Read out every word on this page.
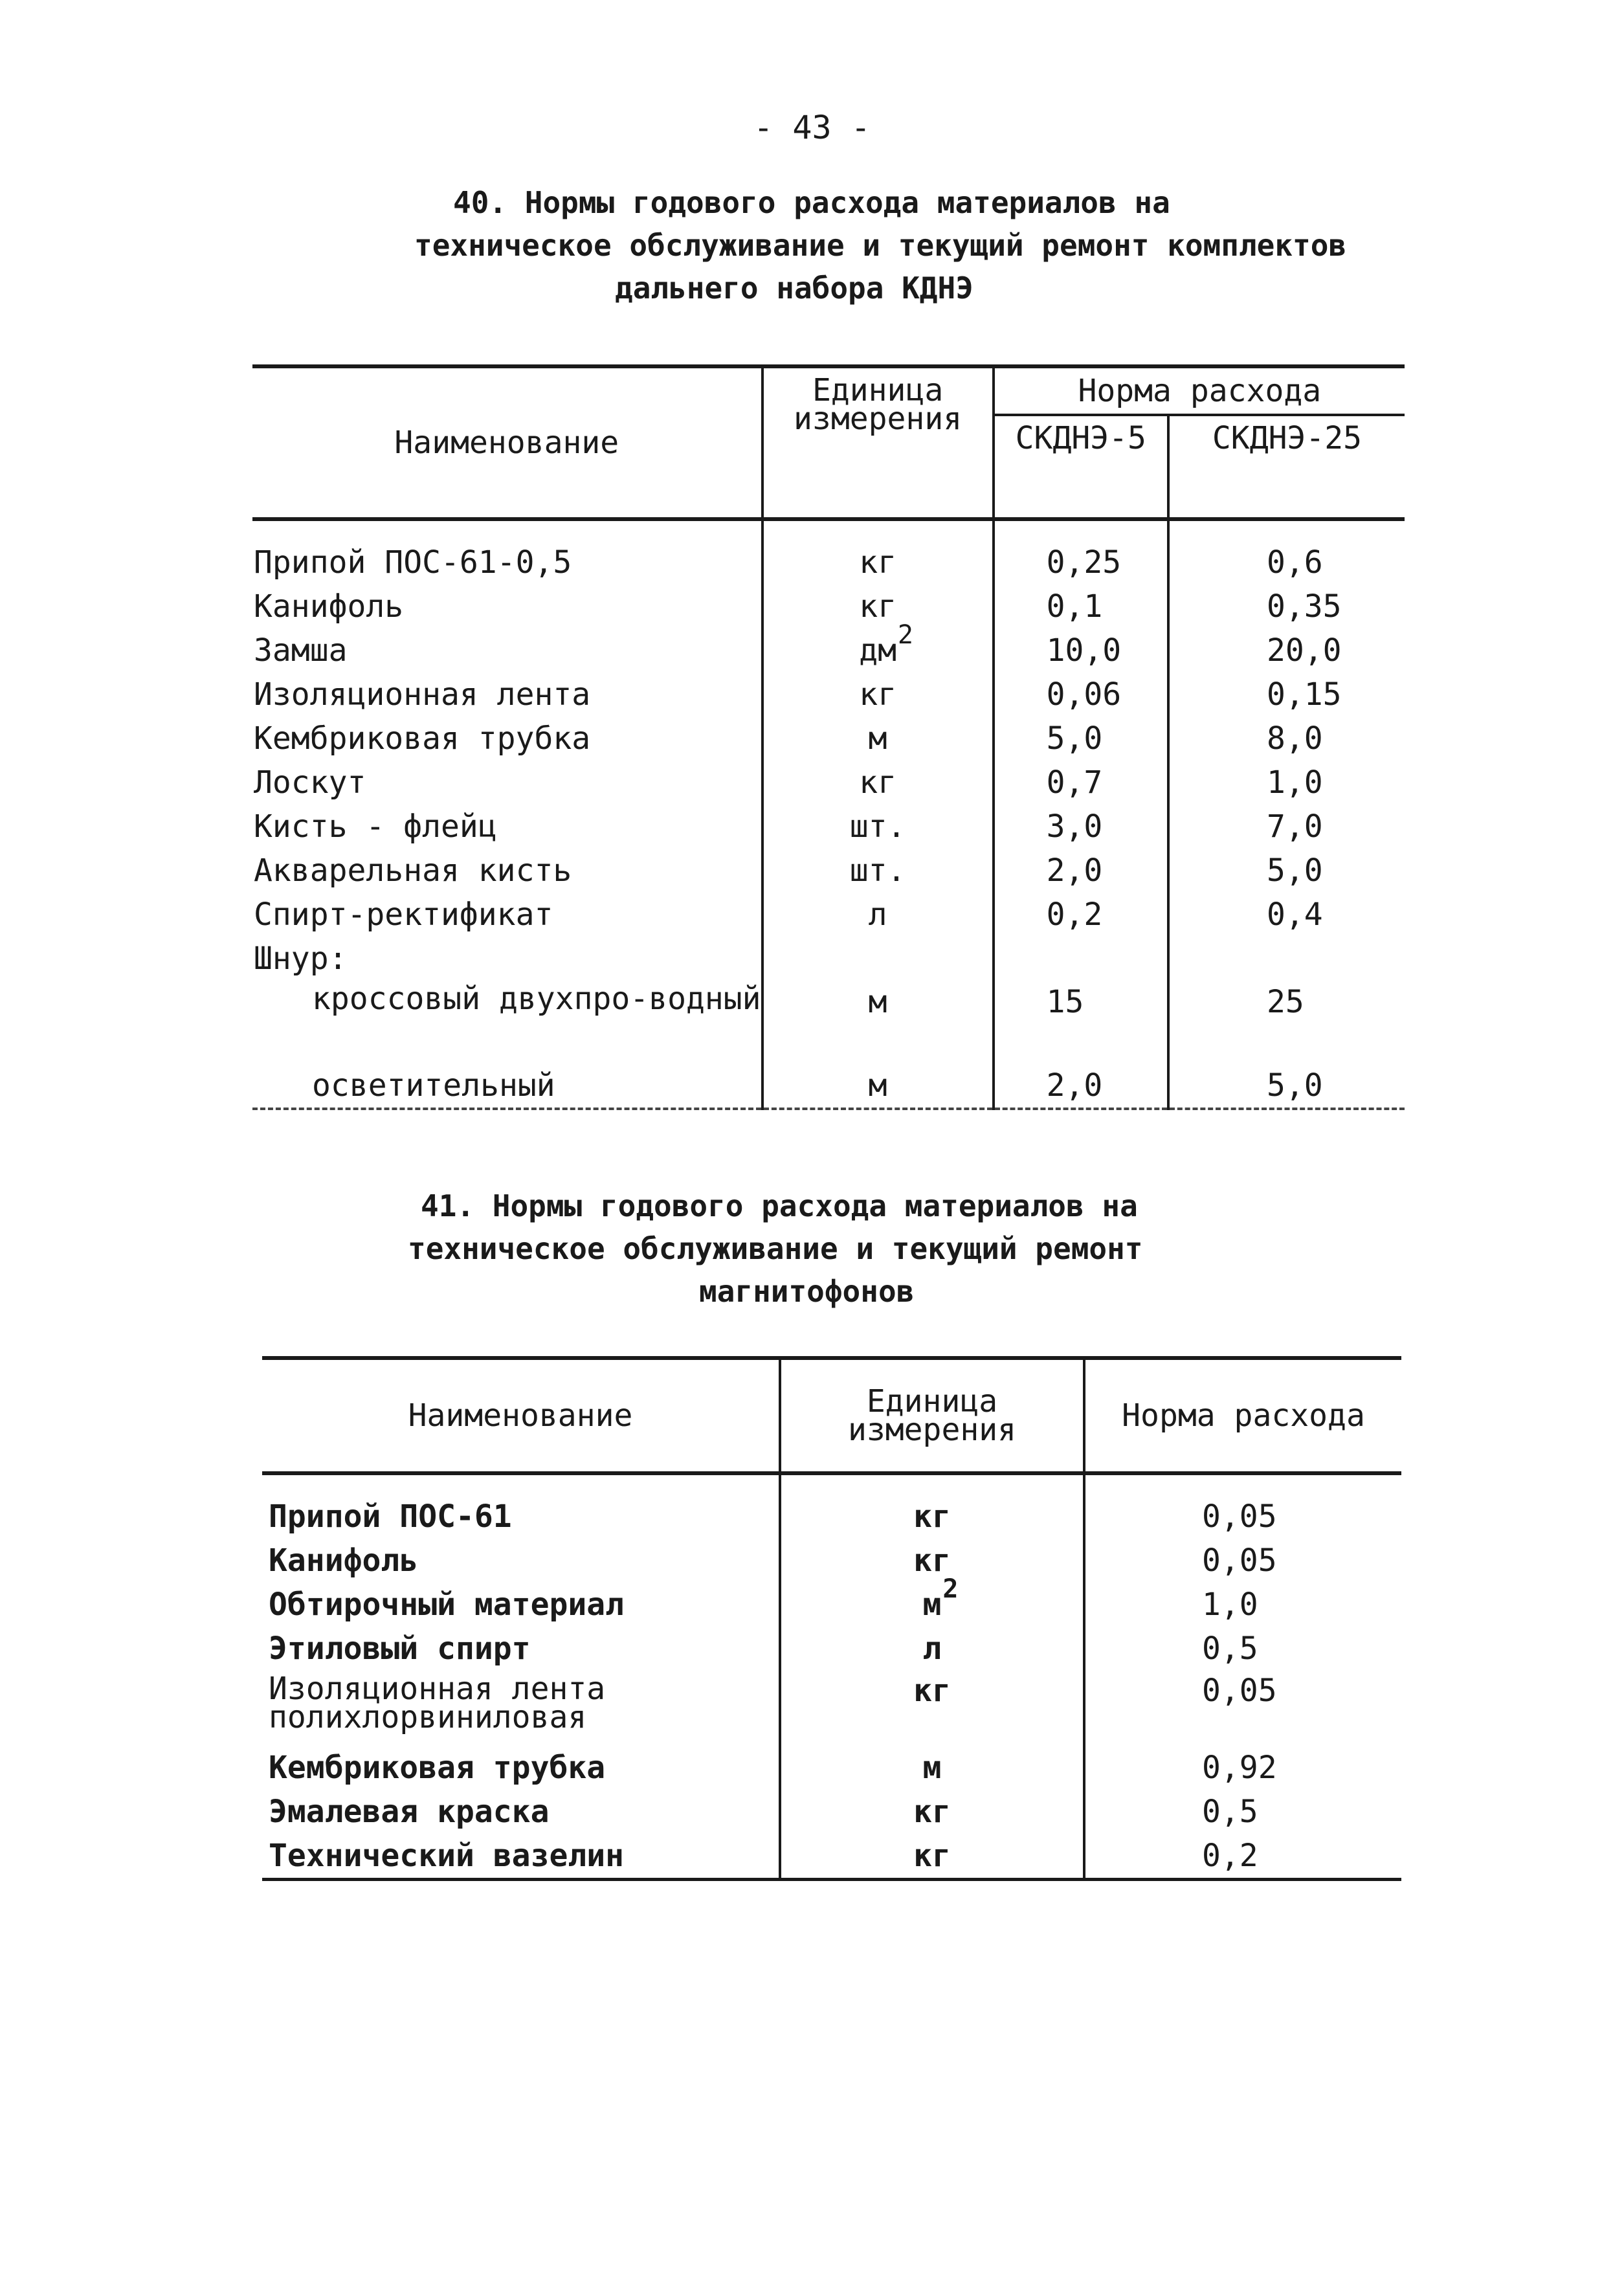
- 43 -
40. Нормы годового расхода материалов на
техническое обслуживание и текущий ремонт комплектов
дальнего набора КДНЭ
Наименование	Единица измерения	Норма расхода	
		СКДНЭ-5	СКДНЭ-25
Припой ПОС-61-0,5	кг	0,25	0,6
Канифоль	кг	0,1	0,35
Замша	дм 2	10,0	20,0
Изоляционная лента	кг	0,06	0,15
Кембриковая трубка	м	5,0	8,0
Лоскут	кг	0,7	1,0
Кисть - флейц	шт.	3,0	7,0
Акварельная кисть	шт.	2,0	5,0
Спирт-ректификат	л	0,2	0,4
Шнур:			
кроссовый двухпро-водный	м	15	25
осветительный	м	2,0	5,0
41. Нормы годового расхода материалов на
техническое обслуживание и текущий ремонт
магнитофонов
Наименование	Единица измерения	Норма расхода
Припой ПОС-61	кг	0,05
Канифоль	кг	0,05
Обтирочный материал	м 2	1,0
Этиловый спирт	л	0,5
Изоляционная лента полихлорвиниловая	кг	0,05
Кембриковая трубка	м	0,92
Эмалевая краска	кг	0,5
Технический вазелин	кг	0,2
